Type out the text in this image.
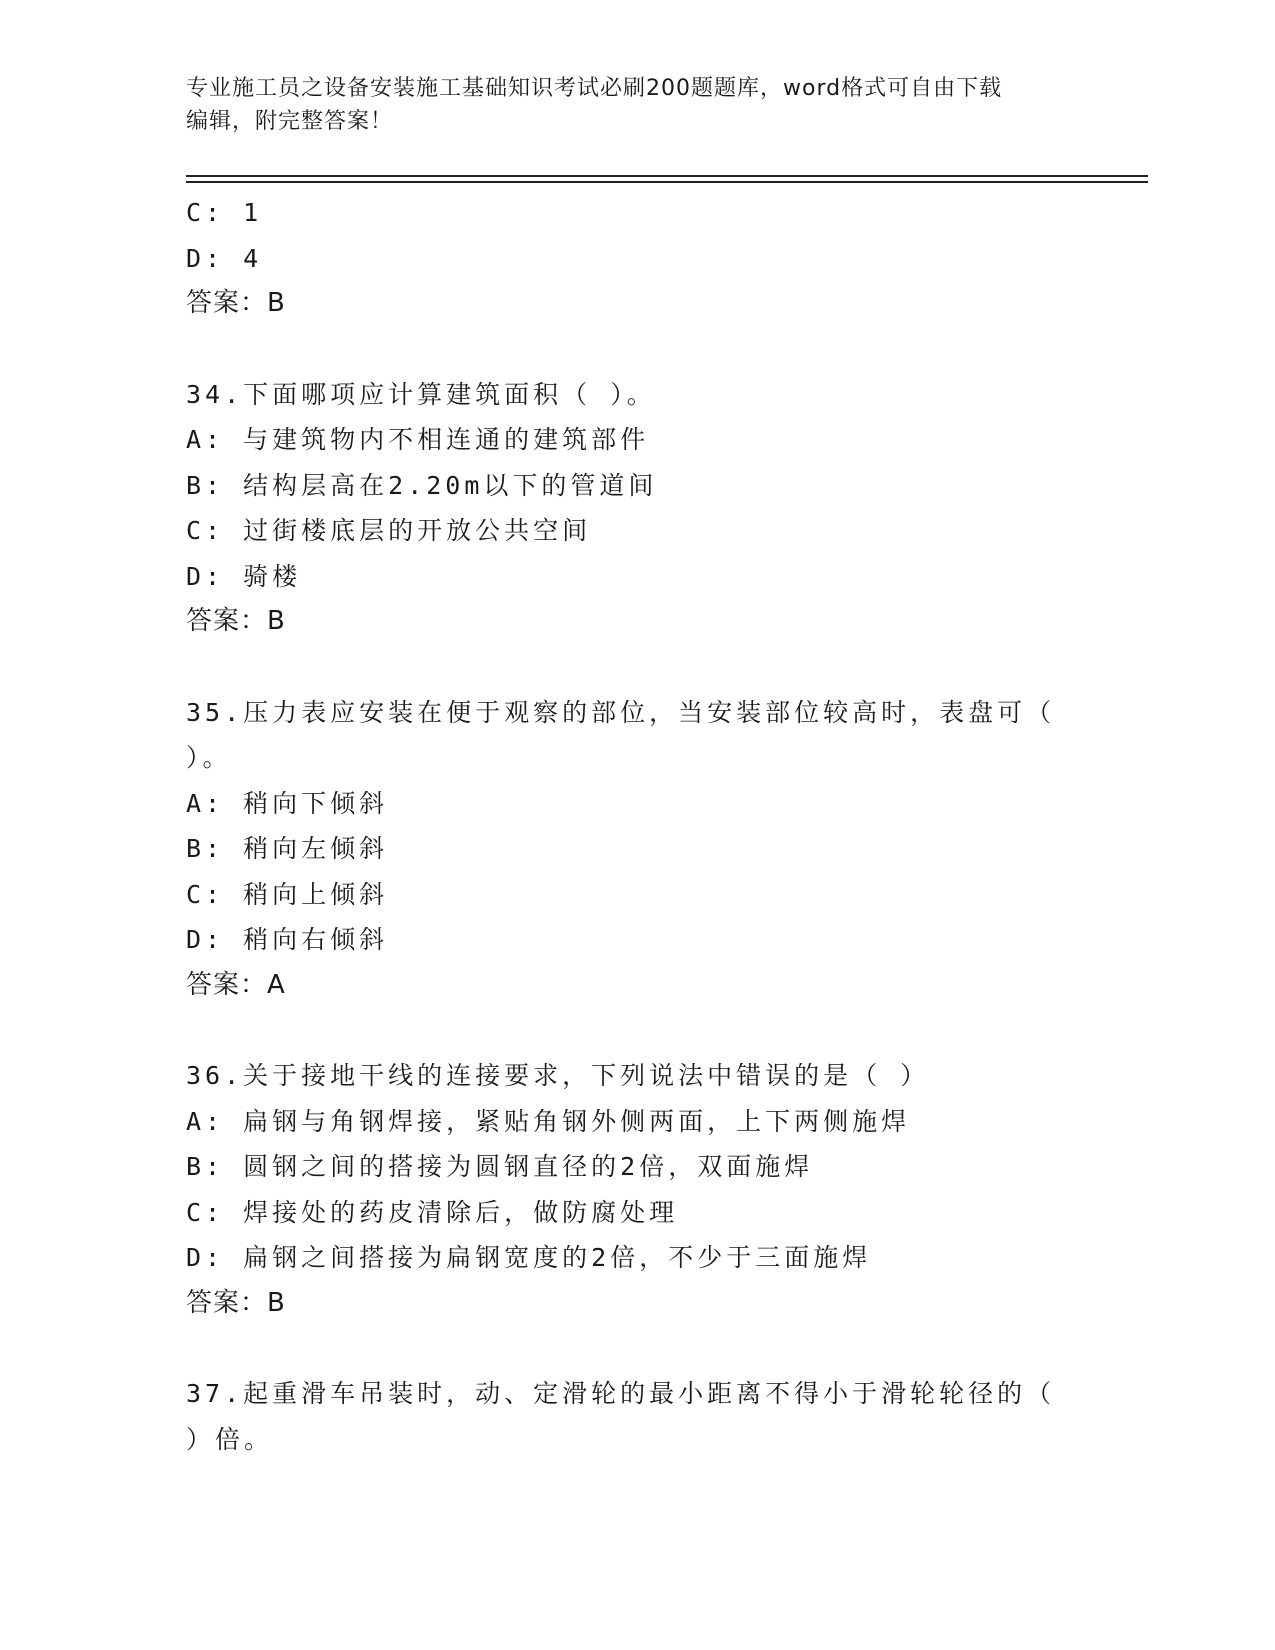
专业施工员之设备安装施工基础知识考试必刷200题题库，word格式可自由下载
编辑，附完整答案！
C: 1
D: 4
答案：B
34.下面哪项应计算建筑面积（ ）。
A: 与建筑物内不相连通的建筑部件
B: 结构层高在2.20m以下的管道间
C: 过街楼底层的开放公共空间
D: 骑楼
答案：B
35.压力表应安装在便于观察的部位，当安装部位较高时，表盘可（
）。
A: 稍向下倾斜
B: 稍向左倾斜
C: 稍向上倾斜
D: 稍向右倾斜
答案：A
36.关于接地干线的连接要求，下列说法中错误的是（ ）
A: 扁钢与角钢焊接，紧贴角钢外侧两面，上下两侧施焊
B: 圆钢之间的搭接为圆钢直径的2倍，双面施焊
C: 焊接处的药皮清除后，做防腐处理
D: 扁钢之间搭接为扁钢宽度的2倍，不少于三面施焊
答案：B
37.起重滑车吊装时，动、定滑轮的最小距离不得小于滑轮轮径的（
）倍。
